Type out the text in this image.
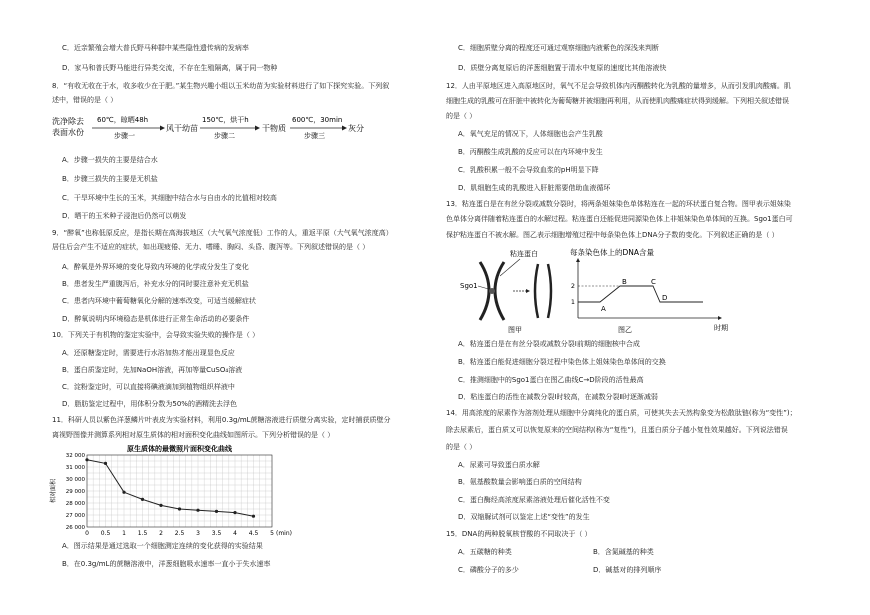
C．近亲繁殖会增大普氏野马种群中某些隐性遗传病的发病率
D．家马和普氏野马能进行异类交流，不存在生殖隔离，属于同一物种
8．“有收无收在于水，收多收少在于肥。”某生物兴趣小组以玉米幼苗为实验材料进行了如下探究实验。下列叙
述中，错误的是（ ）
洗净除去
表面水份
60℃，晾晒48h
步骤一
风干幼苗
150℃，烘干h
步骤二
干物质
600℃，30min
步骤三
灰分
A．步骤一损失的主要是结合水
B．步骤三损失的主要是无机盐
C．干旱环境中生长的玉米，其细胞中结合水与自由水的比值相对较高
D．晒干的玉米种子浸泡后仍然可以萌发
9．“醉氧”也称低原反应，是指长期在高海拔地区（大气氧气浓度低）工作的人，重返平原（大气氧气浓度高）
居住后会产生不适应的症状，如出现疲倦、无力、嗜睡、胸闷、头昏、腹泻等。下列叙述错误的是（ ）
A．醉氧是外界环境的变化导致内环境的化学成分发生了变化
B．患者发生严重腹泻后，补充水分的同时要注意补充无机盐
C．患者内环境中葡萄糖氧化分解的速率改变，可适当缓解症状
D．醉氧说明内环境稳态是机体进行正常生命活动的必要条件
10．下列关于有机物的鉴定实验中，会导致实验失败的操作是（ ）
A．还原糖鉴定时，需要进行水浴加热才能出现显色反应
B．蛋白质鉴定时，先加NaOH溶液，再加等量CuSO₄溶液
C．淀粉鉴定时，可以直接将碘液滴加到植物组织样液中
D．脂肪鉴定过程中，用体积分数为50%的酒精洗去浮色
11．科研人员以紫色洋葱鳞片叶表皮为实验材料，利用0.3g/mL蔗糖溶液进行质壁分离实验，定时捕获质壁分
离视野图像并测算系列相对原生质体的相对面积变化曲线如图所示。下列分析错误的是（ ）
原生质体的最微照片面积变化曲线
32 000
31 000
30 000
29 000
28 000
27 000
26 000
0 0.5 1 1.5 2 2.5 3 3.5 4 4.5 5 (min)
相对面积
A．图示结果是通过选取一个细胞测定连续的变化获得的实验结果
B．在0.3g/mL的蔗糖溶液中，洋葱细胞吸水速率一直小于失水速率
C．细胞质壁分离的程度还可通过观察细胞内液紫色的深浅来判断
D．质壁分离复原后的洋葱细胞置于清水中复原的速度比其他溶液快
12．人由平原地区进入高原地区时，氧气不足会导致机体内丙酮酸转化为乳酸的量增多，从而引发肌肉酸痛。肌
细胞生成的乳酸可在肝脏中被转化为葡萄糖并被细胞再利用，从而使肌肉酸痛症状得到缓解。下列相关叙述错误
的是（ ）
A．氧气充足的情况下，人体细胞也会产生乳酸
B．丙酮酸生成乳酸的反应可以在内环境中发生
C．乳酸积累一般不会导致血浆的pH明显下降
D．肌细胞生成的乳酸进入肝脏需要借助血液循环
13．粘连蛋白是在有丝分裂或减数分裂时，将两条姐妹染色单体粘连在一起的环状蛋白复合物。图甲表示姐妹染
色单体分离伴随着粘连蛋白的水解过程。粘连蛋白还能促进同源染色体上非姐妹染色单体间的互换。Sgo1蛋白可
保护粘连蛋白不被水解。图乙表示细胞增殖过程中每条染色体上DNA分子数的变化。下列叙述正确的是（ ）
粘连蛋白
Sgo1
图甲
每条染色体上的DNA含量
2
1
A
B	C
D
时期
图乙
A．粘连蛋白是在有丝分裂或减数分裂Ⅰ前期的细胞核中合成
B．粘连蛋白能促进细胞分裂过程中染色体上姐妹染色单体间的交换
C．推测细胞中的Sgo1蛋白在图乙曲线C→D阶段的活性最高
D．粘连蛋白的活性在减数分裂Ⅰ时较高，在减数分裂Ⅱ时逐渐减弱
14．用高浓度的尿素作为溶剂处理从细胞中分离纯化的蛋白质，可使其失去天然构象变为松散肽链(称为“变性”)；
除去尿素后，蛋白质又可以恢复原来的空间结构(称为“复性”)，且蛋白质分子越小复性效果越好。下列说法错误
的是（ ）
A．尿素可导致蛋白质水解
B．氨基酸数量会影响蛋白质的空间结构
C．蛋白酶经高浓度尿素溶液处理后催化活性不变
D．双缩脲试剂可以鉴定上述“变性”的发生
15．DNA的两种脱氧核苷酸的不同取决于（ ）
A．五碳糖的种类	B．含氮碱基的种类
C．磷酸分子的多少	D．碱基对的排列顺序
